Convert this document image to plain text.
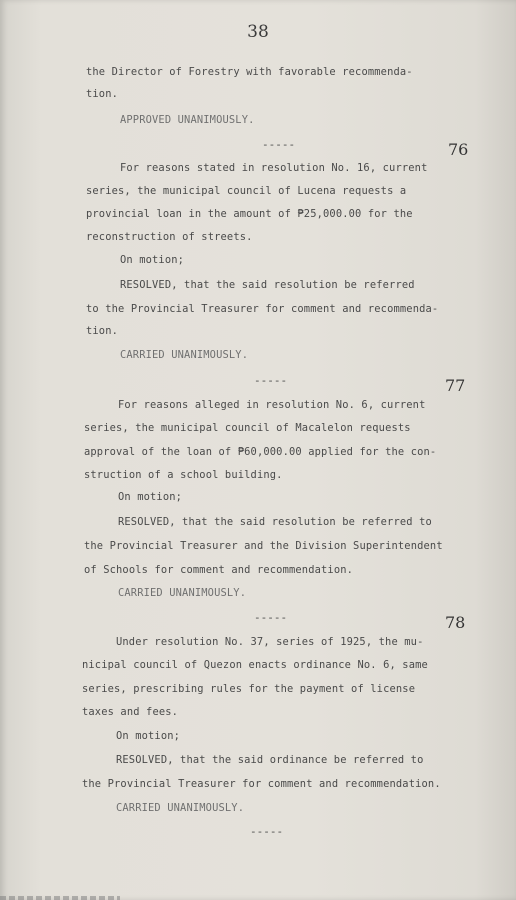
38
the Director of Forestry with favorable recommenda-
tion.
APPROVED UNANIMOUSLY.
-----	76
For reasons stated in resolution No. 16, current
series, the municipal council of Lucena requests a
provincial loan in the amount of ₱25,000.00 for the
reconstruction of streets.
On motion;
RESOLVED, that the said resolution be referred
to the Provincial Treasurer for comment and recommenda-
tion.
CARRIED UNANIMOUSLY.
-----	77
For reasons alleged in resolution No. 6, current
series, the municipal council of Macalelon requests
approval of the loan of ₱60,000.00 applied for the con-
struction of a school building.
On motion;
RESOLVED, that the said resolution be referred to
the Provincial Treasurer and the Division Superintendent
of Schools for comment and recommendation.
CARRIED UNANIMOUSLY.
-----	78
Under resolution No. 37, series of 1925, the mu-
nicipal council of Quezon enacts ordinance No. 6, same
series, prescribing rules for the payment of license
taxes and fees.
On motion;
RESOLVED, that the said ordinance be referred to
the Provincial Treasurer for comment and recommendation.
CARRIED UNANIMOUSLY.
-----
